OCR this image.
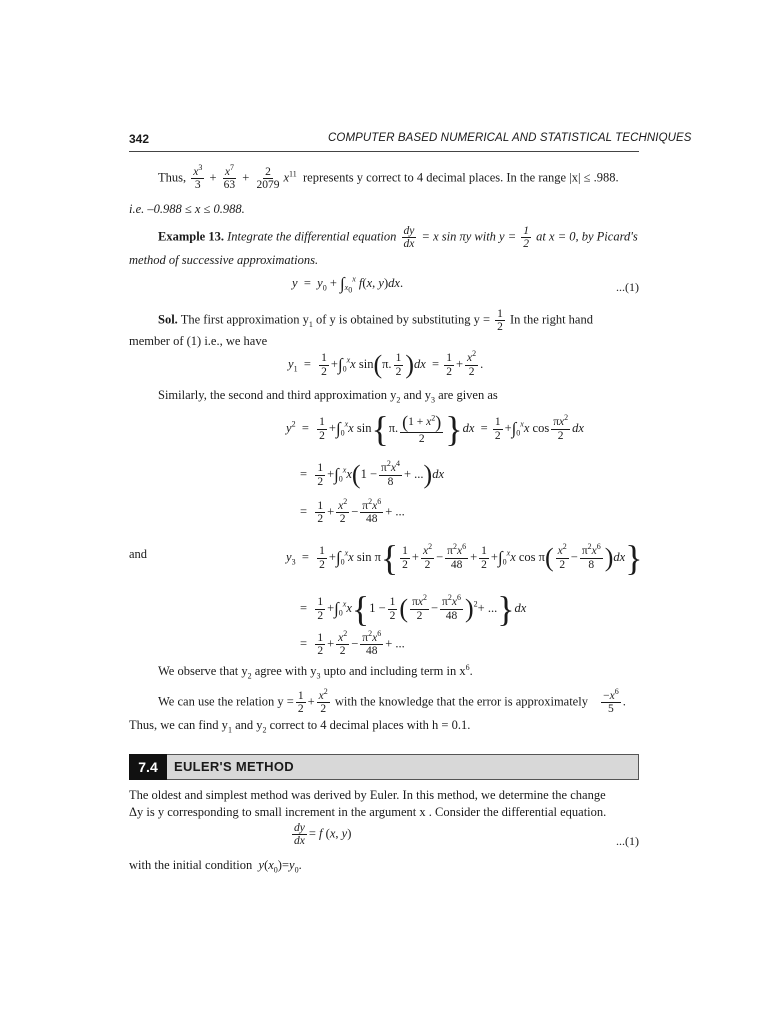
342	COMPUTER BASED NUMERICAL AND STATISTICAL TECHNIQUES
Thus, $\frac{x^3}{3} + \frac{x^7}{63} + \frac{2}{2079} x^{11}$ represents y correct to 4 decimal places. In the range |x| ≤ .988.
i.e. –0.988 ≤ x ≤ 0.988.
Example 13. Integrate the differential equation $\frac{dy}{dx} = x$ sin πy with $y = \frac{1}{2}$ at x = 0, by Picard's
method of successive approximations.
$y = y_0 + \int_{x_0}^x$ f(x, y)dx.	...(1)
Sol. The first approximation $y_1$ of y is obtained by substituting $y = \frac{1}{2}$ In the right hand
member of (1) i.e., we have
$y_1 = \frac{1}{2} +\int_0^xx$ sin(π. $\frac{1}{2} )dx = \frac{1}{2} + \frac{x^2}{2}$ .
Similarly, the second and third approximation $y_2$ and $y_3$ are given as
$y^2 = \frac{1}{2} +\int_0^xx$ sin{π. $\frac{(1 + x^2)}{2} \}dx = \frac{1}{2} +\int_0^xx$ $\cos \frac{\pi x^2}{2}$ dx
= $\frac{1}{2} +\int_0^xx(1 - \frac{\pi^2x^4}{8} + ...)dx$
= $\frac{1}{2} + \frac{x^2}{2} - \frac{\pi^2x^6}{48}$ + ...
and	$y_3 = \frac{1}{2} +\int_0^xx$ $\sin \pi\{ \frac{1}{2} + \frac{x^2}{2} - \frac{\pi^2x^6}{48} + \frac{1}{2} +\int_0^xx$ $\cos \pi( \frac{x^2}{2} - \frac{\pi^2x^6}{8} )dx$}
= $\frac{1}{2} +\int_0^xx\{1 - \frac{1}{2}$ ( $\frac{\pi x^2}{2} - \frac{\pi^2x^6}{48} )^2+ ...\}dx$
= $\frac{1}{2} + \frac{x^2}{2} - \frac{\pi^2x^6}{48}$ + ...
We observe that $y_2$ agree with $y_3$ upto and including term in $x^6$.
We can use the relation $y = \frac{1}{2} + \frac{x^2}{2}$ with the knowledge that the error is approximately $\frac{-x^6}{5}$ .
Thus, we can find $y_1$ and $y_2$ correct to 4 decimal places with h = 0.1.
7.4	EULER'S METHOD
The oldest and simplest method was derived by Euler. In this method, we determine the change
Δy is y corresponding to small increment in the argument x . Consider the differential equation.
$\frac{dy}{dx} = f$ (x, y)
...(1)
with the initial condition $y(x_0)=y_0$.
